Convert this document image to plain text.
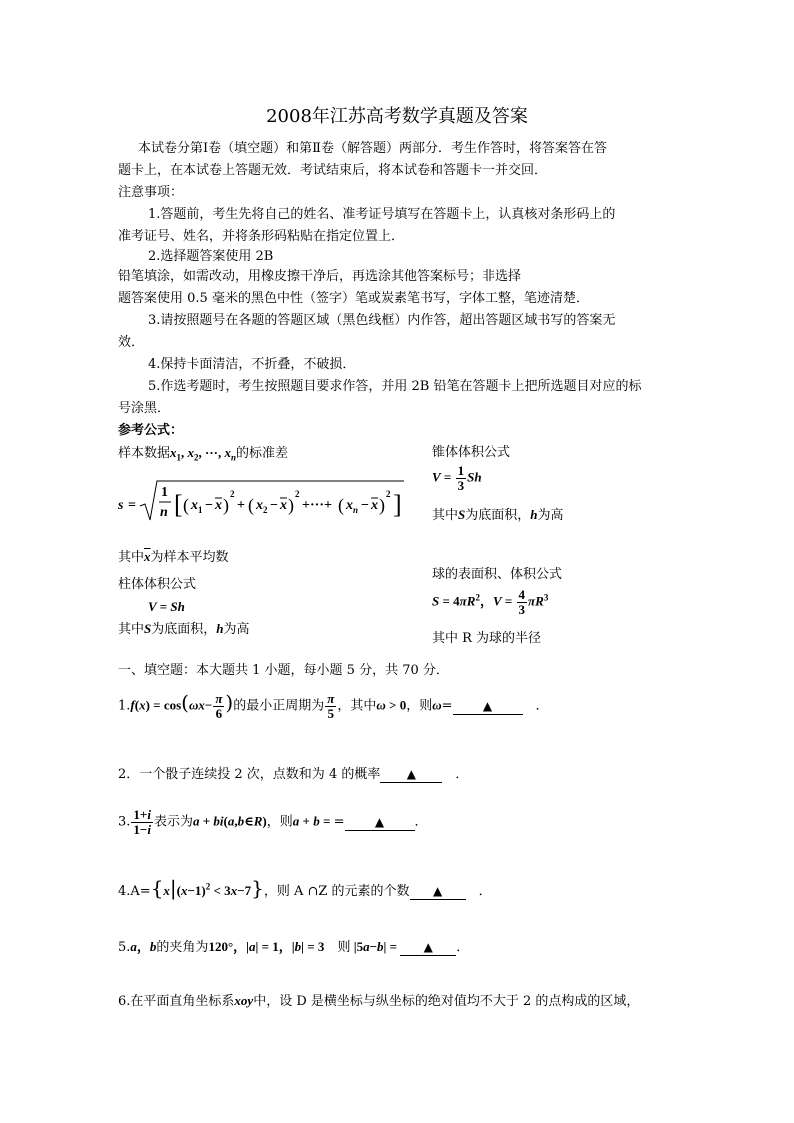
2008年江苏高考数学真题及答案
本试卷分第Ⅰ卷（填空题）和第Ⅱ卷（解答题）两部分．考生作答时，将答案答在答
题卡上，在本试卷上答题无效．考试结束后，将本试卷和答题卡一并交回．
注意事项：
1.答题前，考生先将自己的姓名、准考证号填写在答题卡上，认真核对条形码上的
准考证号、姓名，并将条形码粘贴在指定位置上．
2.选择题答案使用 2B
铅笔填涂，如需改动，用橡皮擦干净后，再选涂其他答案标号；非选择
题答案使用 0.5 毫米的黑色中性（签字）笔或炭素笔书写，字体工整，笔迹清楚．
3.请按照题号在各题的答题区域（黑色线框）内作答，超出答题区域书写的答案无
效．
4.保持卡面清洁，不折叠，不破损．
5.作选考题时，考生按照题目要求作答，并用 2B 铅笔在答题卡上把所选题目对应的标
号涂黑．
参考公式：
样本数据$x_1$, $x_2$, ···, $x_n$的标准差
s =
1
n [ ( x 1 − x )
2
+ ( x 2 − x )
2
+···+ ( x n − x )
2 ]
其中$\overline{x}$为样本平均数
柱体体积公式
V = Sh
其中S为底面积，h为高
锥体体积公式
$V = \frac{1}{3}$ Sh
其中S为底面积，h为高
球的表面积、体积公式
$S = 4\pi R^2$，$V = \frac{4}{3} \pi R^3$
其中 R 为球的半径
一、填空题：本大题共 1 小题，每小题 5 分，共 70 分．
$1.f(x) = \cos(\omega x- \frac{\pi}{6}$ )的最小正周期为 $\frac{\pi}{5}$ ，其中ω > 0，则ω=	▲　．
2．一个骰子连续投 2 次，点数和为 4 的概率 ▲　．
3. $\frac{1+i}{1-i}$ 表示为a + bi(a,b∈R)，则a + b = =	▲ ．
$4.A=\{x|(x-1)^2 < 3x-7\}$，则 A ∩Z 的元素的个数 ▲　．
5.a，b的夹角为120°，|a| = 1，|b| = 3　则 |5a−b| = ▲ ．
6.在平面直角坐标系xoy中，设 D 是横坐标与纵坐标的绝对值均不大于 2 的点构成的区域，
